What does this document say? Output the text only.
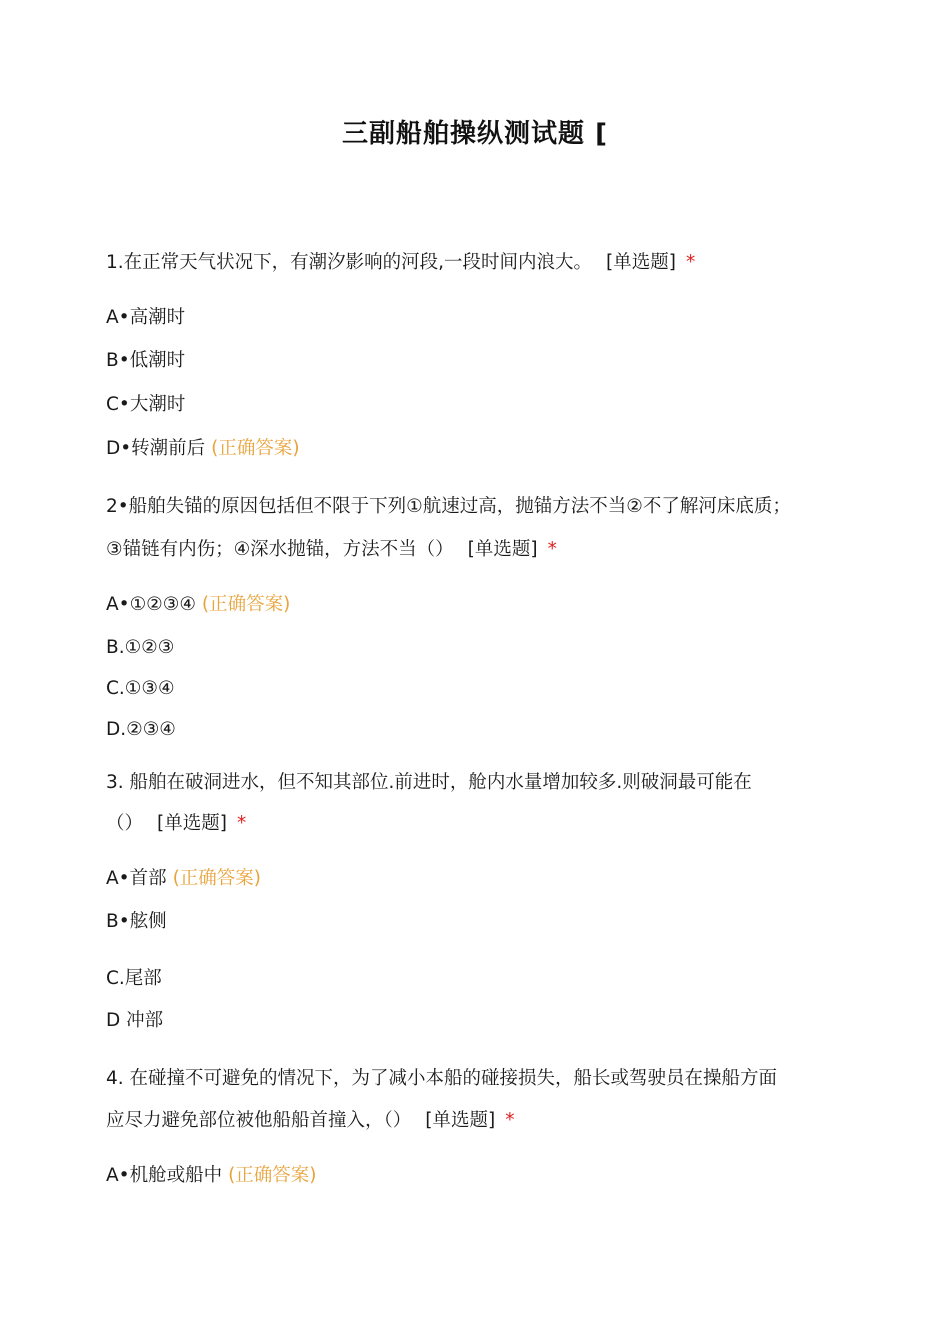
三副船舶操纵测试题 [
1.在正常天气状况下，有潮汐影响的河段,一段时间内浪大。 [单选题] *
A•高潮时
B•低潮时
C•大潮时
D•转潮前后 (正确答案)
2•船舶失锚的原因包括但不限于下列①航速过高，抛锚方法不当②不了解河床底质；
③锚链有内伤；④深水抛锚，方法不当（） [单选题] *
A•①②③④ (正确答案)
B.①②③
C.①③④
D.②③④
3. 船舶在破洞进水，但不知其部位.前进时，舱内水量增加较多.则破洞最可能在
（） [单选题] *
A•首部 (正确答案)
B•舷侧
C.尾部
D 冲部
4. 在碰撞不可避免的情况下，为了减小本船的碰接损失，船长或驾驶员在操船方面
应尽力避免部位被他船船首撞入，（） [单选题] *
A•机舱或船中 (正确答案)
